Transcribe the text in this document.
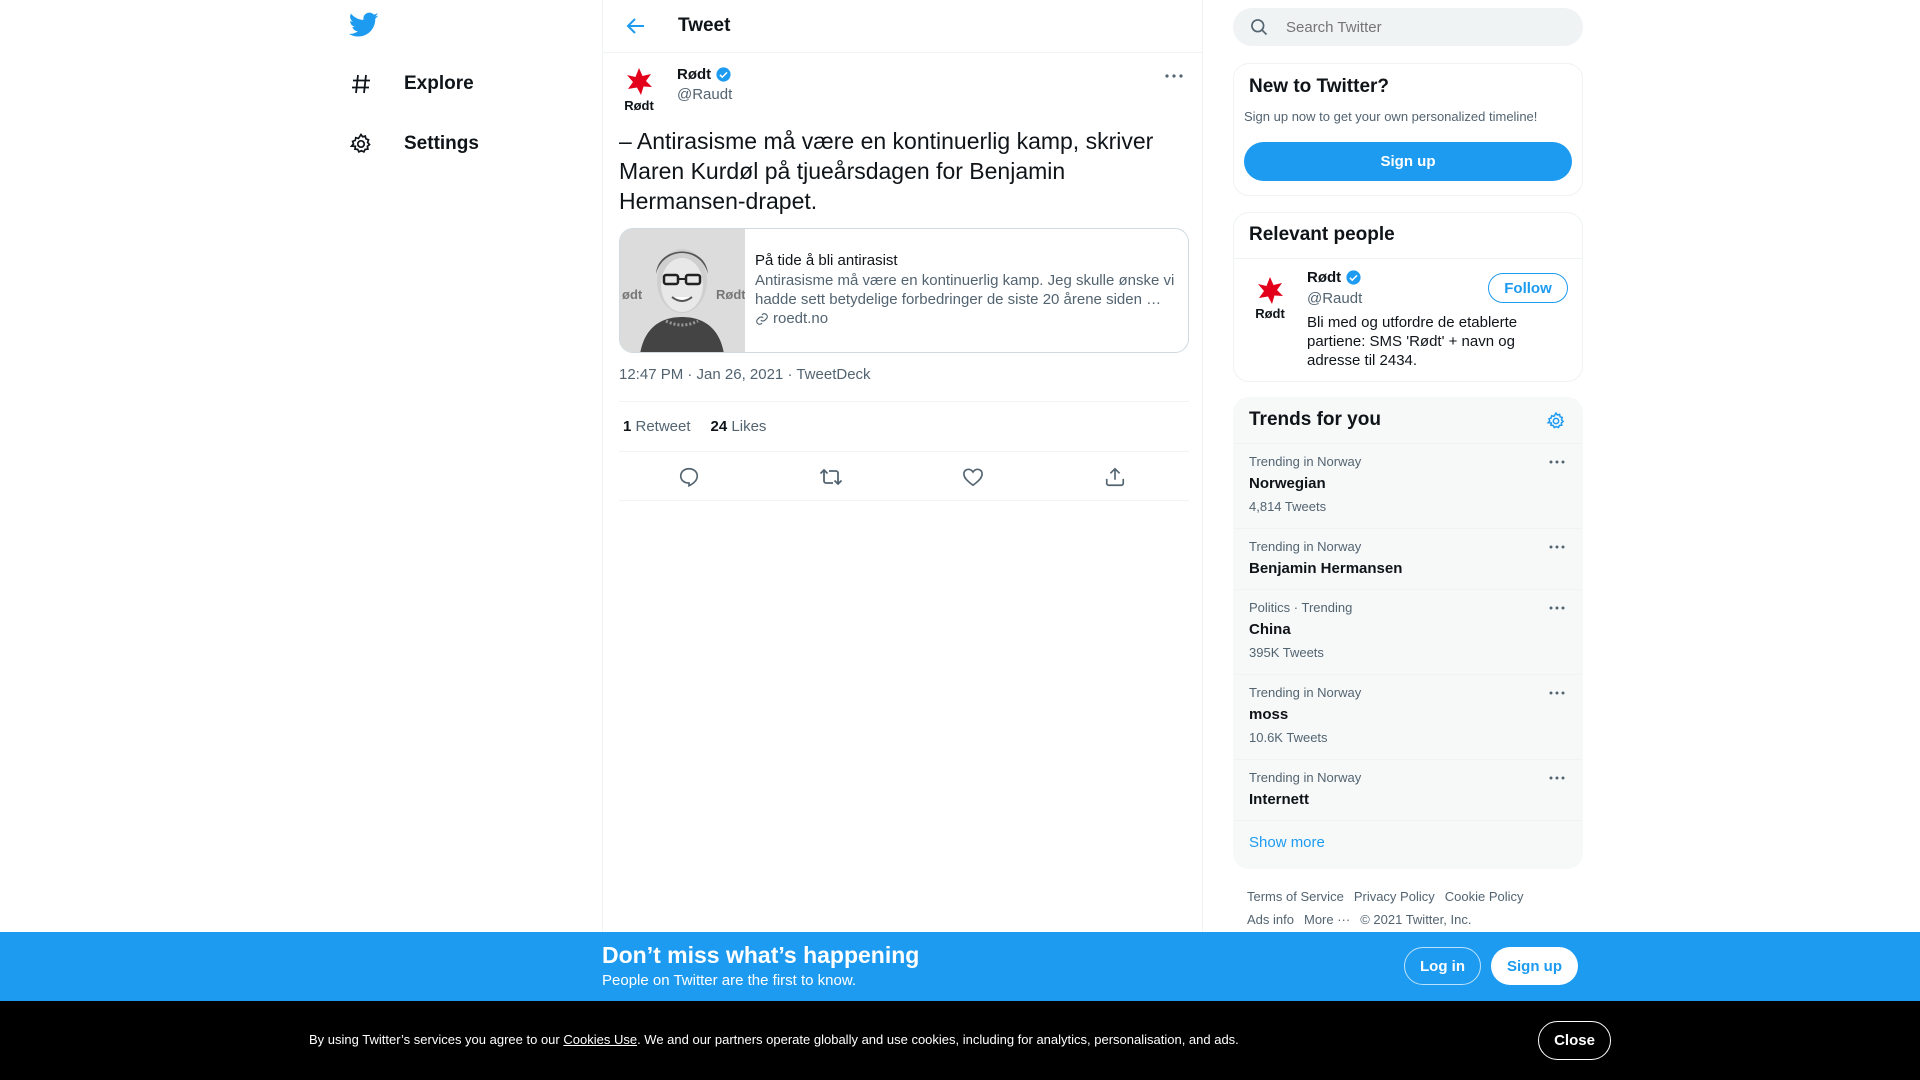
Explore
Settings
Tweet
Rødt
Rødt
@Raudt
– Antirasisme må være en kontinuerlig kamp, skriver Maren Kurdøl på tjueårsdagen for Benjamin Hermansen-drapet.
ødt	Rødt
På tide å bli antirasist
Antirasisme må være en kontinuerlig kamp. Jeg skulle ønske vi hadde sett betydelige forbedringer de siste 20 årene siden …
roedt.no
12:47 PM · Jan 26, 2021 · TweetDeck
1 Retweet 24 Likes
Search Twitter
New to Twitter?
Sign up now to get your own personalized timeline!
Sign up
Relevant people
Rødt
Rødt
@Raudt
Follow
Bli med og utfordre de etablerte partiene: SMS 'Rødt' + navn og adresse til 2434.
Trends for you
Trending in Norway
Norwegian
4,814 Tweets
Trending in Norway
Benjamin Hermansen
Politics · Trending
China
395K Tweets
Trending in Norway
moss
10.6K Tweets
Trending in Norway
Internett
Show more
Terms of Service Privacy Policy Cookie Policy
Ads info More ··· © 2021 Twitter, Inc.
Don’t miss what’s happening
People on Twitter are the first to know.
Log in	Sign up
By using Twitter’s services you agree to our Cookies Use. We and our partners operate globally and use cookies, including for analytics, personalisation, and ads.	Close
